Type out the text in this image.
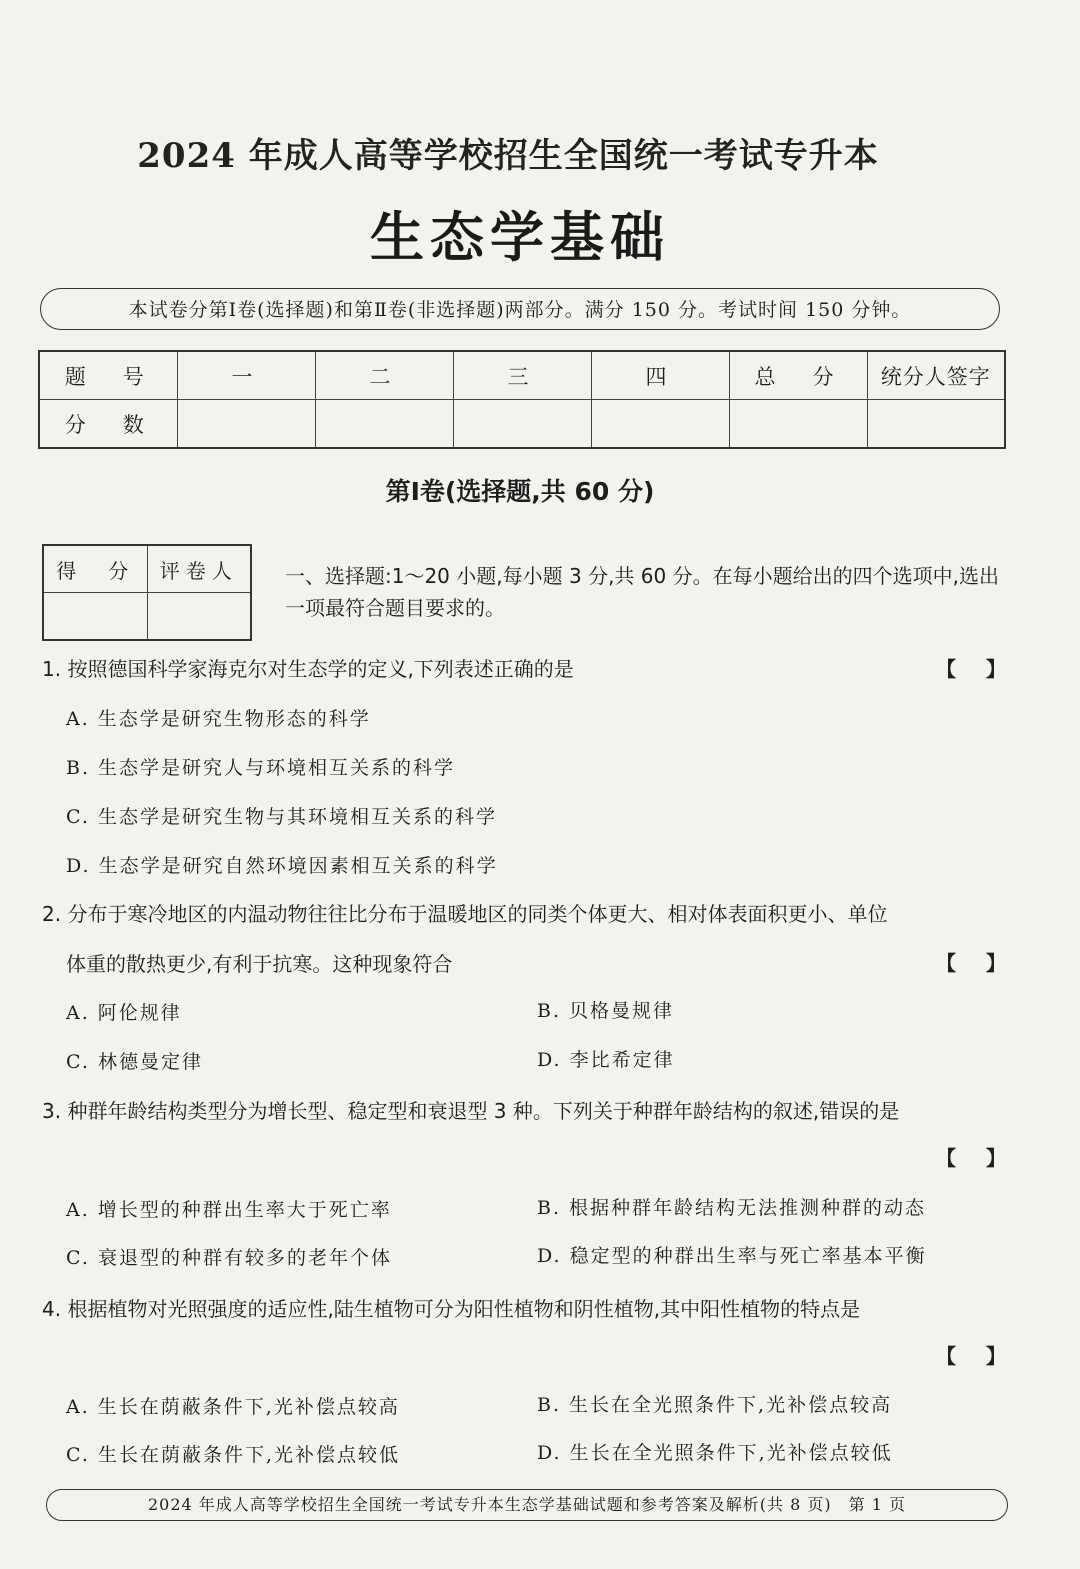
2024 年成人高等学校招生全国统一考试专升本
生态学基础
本试卷分第Ⅰ卷(选择题)和第Ⅱ卷(非选择题)两部分。满分 150 分。考试时间 150 分钟。
题　号	一	二	三	四	总　分	统分人签字
分　数						
第Ⅰ卷(选择题,共 60 分)
得　分	评卷人
	一、选择题:1～20 小题,每小题 3 分,共 60 分。在每小题给出的四个选项中,选出一项最符合题目要求的。
1. 按照德国科学家海克尔对生态学的定义,下列表述正确的是	【 】
A. 生态学是研究生物形态的科学
B. 生态学是研究人与环境相互关系的科学
C. 生态学是研究生物与其环境相互关系的科学
D. 生态学是研究自然环境因素相互关系的科学
2. 分布于寒冷地区的内温动物往往比分布于温暖地区的同类个体更大、相对体表面积更小、单位
体重的散热更少,有利于抗寒。这种现象符合	【 】
A. 阿伦规律	B. 贝格曼规律
C. 林德曼定律	D. 李比希定律
3. 种群年龄结构类型分为增长型、稳定型和衰退型 3 种。下列关于种群年龄结构的叙述,错误的是
【 】
A. 增长型的种群出生率大于死亡率	B. 根据种群年龄结构无法推测种群的动态
C. 衰退型的种群有较多的老年个体	D. 稳定型的种群出生率与死亡率基本平衡
4. 根据植物对光照强度的适应性,陆生植物可分为阳性植物和阴性植物,其中阳性植物的特点是
【 】
A. 生长在荫蔽条件下,光补偿点较高	B. 生长在全光照条件下,光补偿点较高
C. 生长在荫蔽条件下,光补偿点较低	D. 生长在全光照条件下,光补偿点较低
2024 年成人高等学校招生全国统一考试专升本生态学基础试题和参考答案及解析(共 8 页)　第 1 页
